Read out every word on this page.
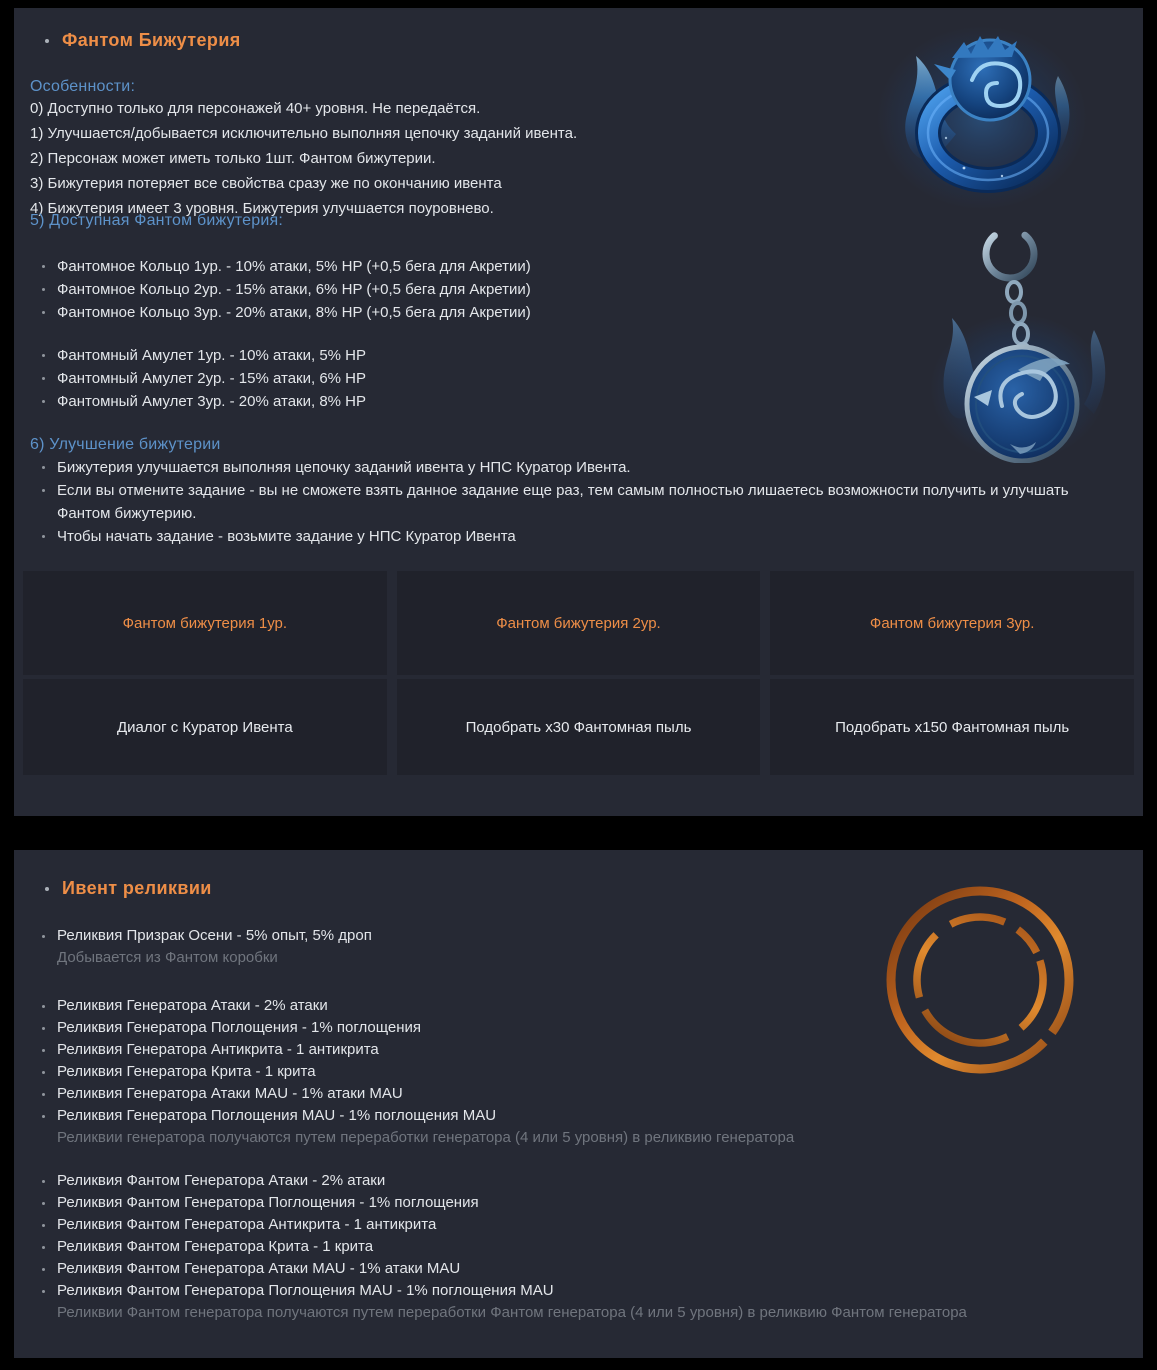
Фантом Бижутерия
Особенности:

0) Доступно только для персонажей 40+ уровня. Не передаётся.

1) Улучшается/добывается исключительно выполняя цепочку заданий ивента.

2) Персонаж может иметь только 1шт. Фантом бижутерии.

3) Бижутерия потеряет все свойства сразу же по окончанию ивента

4) Бижутерия имеет 3 уровня. Бижутерия улучшается поуровнево.

5) Доступная Фантом бижутерия:
Фантомное Кольцо 1ур. - 10% атаки, 5% HP (+0,5 бега для Акретии)
Фантомное Кольцо 2ур. - 15% атаки, 6% HP (+0,5 бега для Акретии)
Фантомное Кольцо 3ур. - 20% атаки, 8% HP (+0,5 бега для Акретии)
Фантомный Амулет 1ур. - 10% атаки, 5% HP
Фантомный Амулет 2ур. - 15% атаки, 6% HP
Фантомный Амулет 3ур. - 20% атаки, 8% HP
6) Улучшение бижутерии
Бижутерия улучшается выполняя цепочку заданий ивента у НПС Куратор Ивента.
Если вы отмените задание - вы не сможете взять данное задание еще раз, тем самым полностью лишаетесь возможности получить и улучшать Фантом бижутерию.
Чтобы начать задание - возьмите задание у НПС Куратор Ивента
Фантом бижутерия 1ур.	Фантом бижутерия 2ур.	Фантом бижутерия 3ур.
Диалог с Куратор Ивента	Подобрать х30 Фантомная пыль	Подобрать х150 Фантомная пыль
Ивент реликвии
Реликвия Призрак Осени - 5% опыт, 5% дроп
Добывается из Фантом коробки
Реликвия Генератора Атаки - 2% атаки
Реликвия Генератора Поглощения - 1% поглощения
Реликвия Генератора Антикрита - 1 антикрита
Реликвия Генератора Крита - 1 крита
Реликвия Генератора Атаки MAU - 1% атаки MAU
Реликвия Генератора Поглощения MAU - 1% поглощения MAU
Реликвии генератора получаются путем переработки генератора (4 или 5 уровня) в реликвию генератора
Реликвия Фантом Генератора Атаки - 2% атаки
Реликвия Фантом Генератора Поглощения - 1% поглощения
Реликвия Фантом Генератора Антикрита - 1 антикрита
Реликвия Фантом Генератора Крита - 1 крита
Реликвия Фантом Генератора Атаки MAU - 1% атаки MAU
Реликвия Фантом Генератора Поглощения MAU - 1% поглощения MAU
Реликвии Фантом генератора получаются путем переработки Фантом генератора (4 или 5 уровня) в реликвию Фантом генератора
